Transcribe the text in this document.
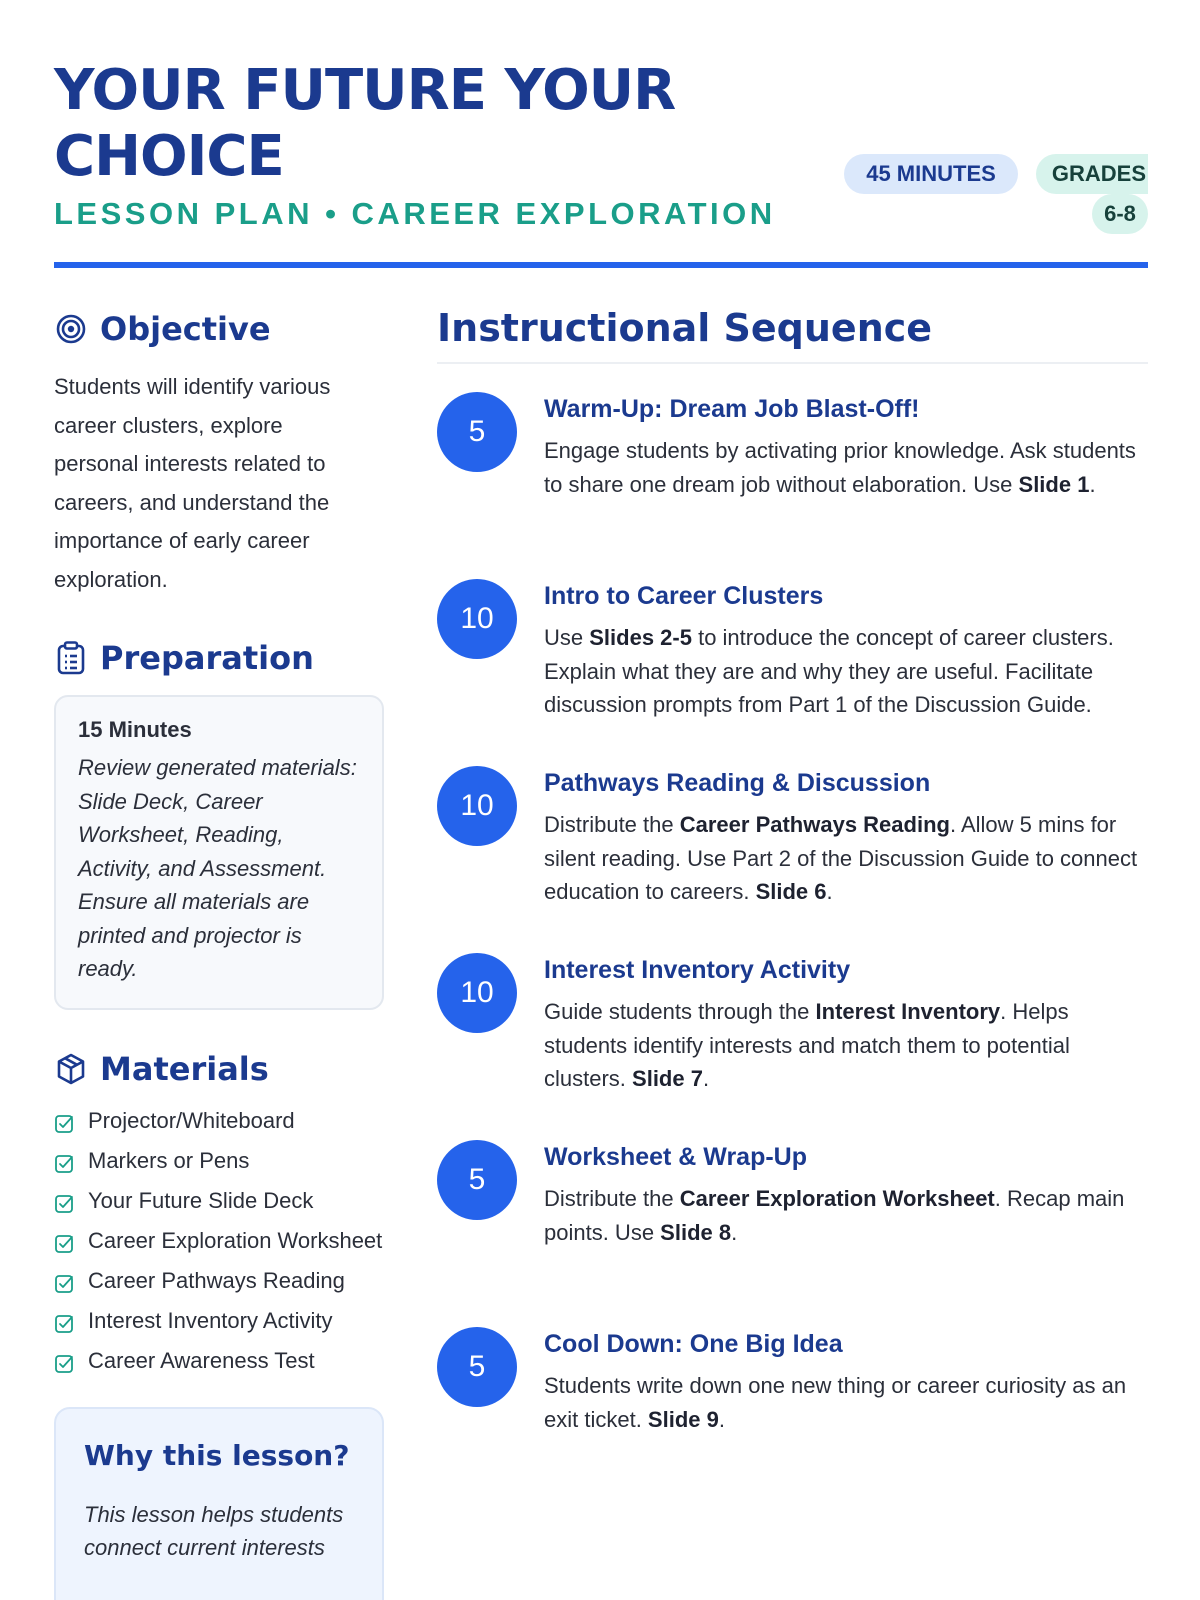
YOUR FUTURE YOUR CHOICE
LESSON PLAN • CAREER EXPLORATION
45 MINUTES	GRADES
6-8
Objective

Students will identify various career clusters, explore personal interests related to careers, and understand the importance of early career exploration.

Preparation
15 Minutes

Review generated materials: Slide Deck, Career Worksheet, Reading, Activity, and Assessment. Ensure all materials are printed and projector is ready.

Materials
Projector/Whiteboard
Markers or Pens
Your Future Slide Deck
Career Exploration Worksheet
Career Pathways Reading
Interest Inventory Activity
Career Awareness Test
Why this lesson?

This lesson helps students connect current interests

Instructional Sequence
5
Warm-Up: Dream Job Blast-Off!

Engage students by activating prior knowledge. Ask students to share one dream job without elaboration. Use Slide 1.

10
Intro to Career Clusters

Use Slides 2-5 to introduce the concept of career clusters. Explain what they are and why they are useful. Facilitate discussion prompts from Part 1 of the Discussion Guide.

10
Pathways Reading & Discussion

Distribute the Career Pathways Reading. Allow 5 mins for silent reading. Use Part 2 of the Discussion Guide to connect education to careers. Slide 6.

10
Interest Inventory Activity

Guide students through the Interest Inventory. Helps students identify interests and match them to potential clusters. Slide 7.

5
Worksheet & Wrap-Up

Distribute the Career Exploration Worksheet. Recap main points. Use Slide 8.

5
Cool Down: One Big Idea

Students write down one new thing or career curiosity as an exit ticket. Slide 9.
